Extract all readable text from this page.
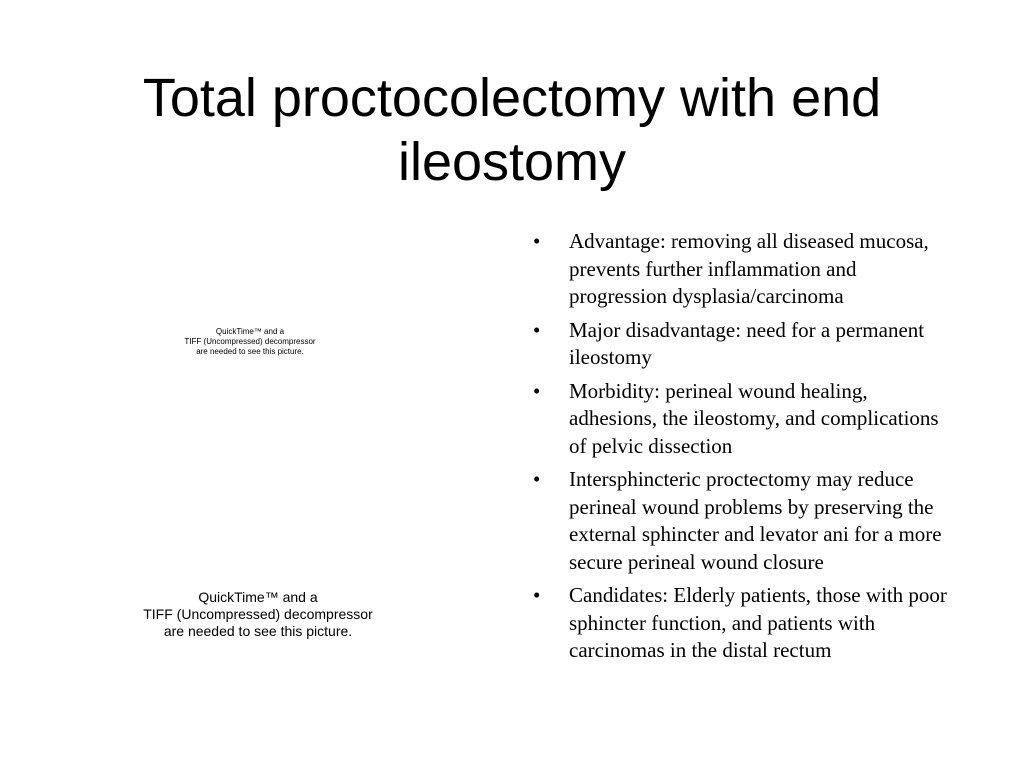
Total proctocolectomy with end ileostomy
QuickTime™ and a
TIFF (Uncompressed) decompressor
are needed to see this picture.
QuickTime™ and a
TIFF (Uncompressed) decompressor
are needed to see this picture.
• Advantage: removing all diseased mucosa, prevents further inflammation and progression dysplasia/carcinoma
• Major disadvantage: need for a permanent ileostomy
• Morbidity: perineal wound healing, adhesions, the ileostomy, and complications of pelvic dissection
• Intersphincteric proctectomy may reduce perineal wound problems by preserving the external sphincter and levator ani for a more secure perineal wound closure
• Candidates: Elderly patients, those with poor sphincter function, and patients with carcinomas in the distal rectum
